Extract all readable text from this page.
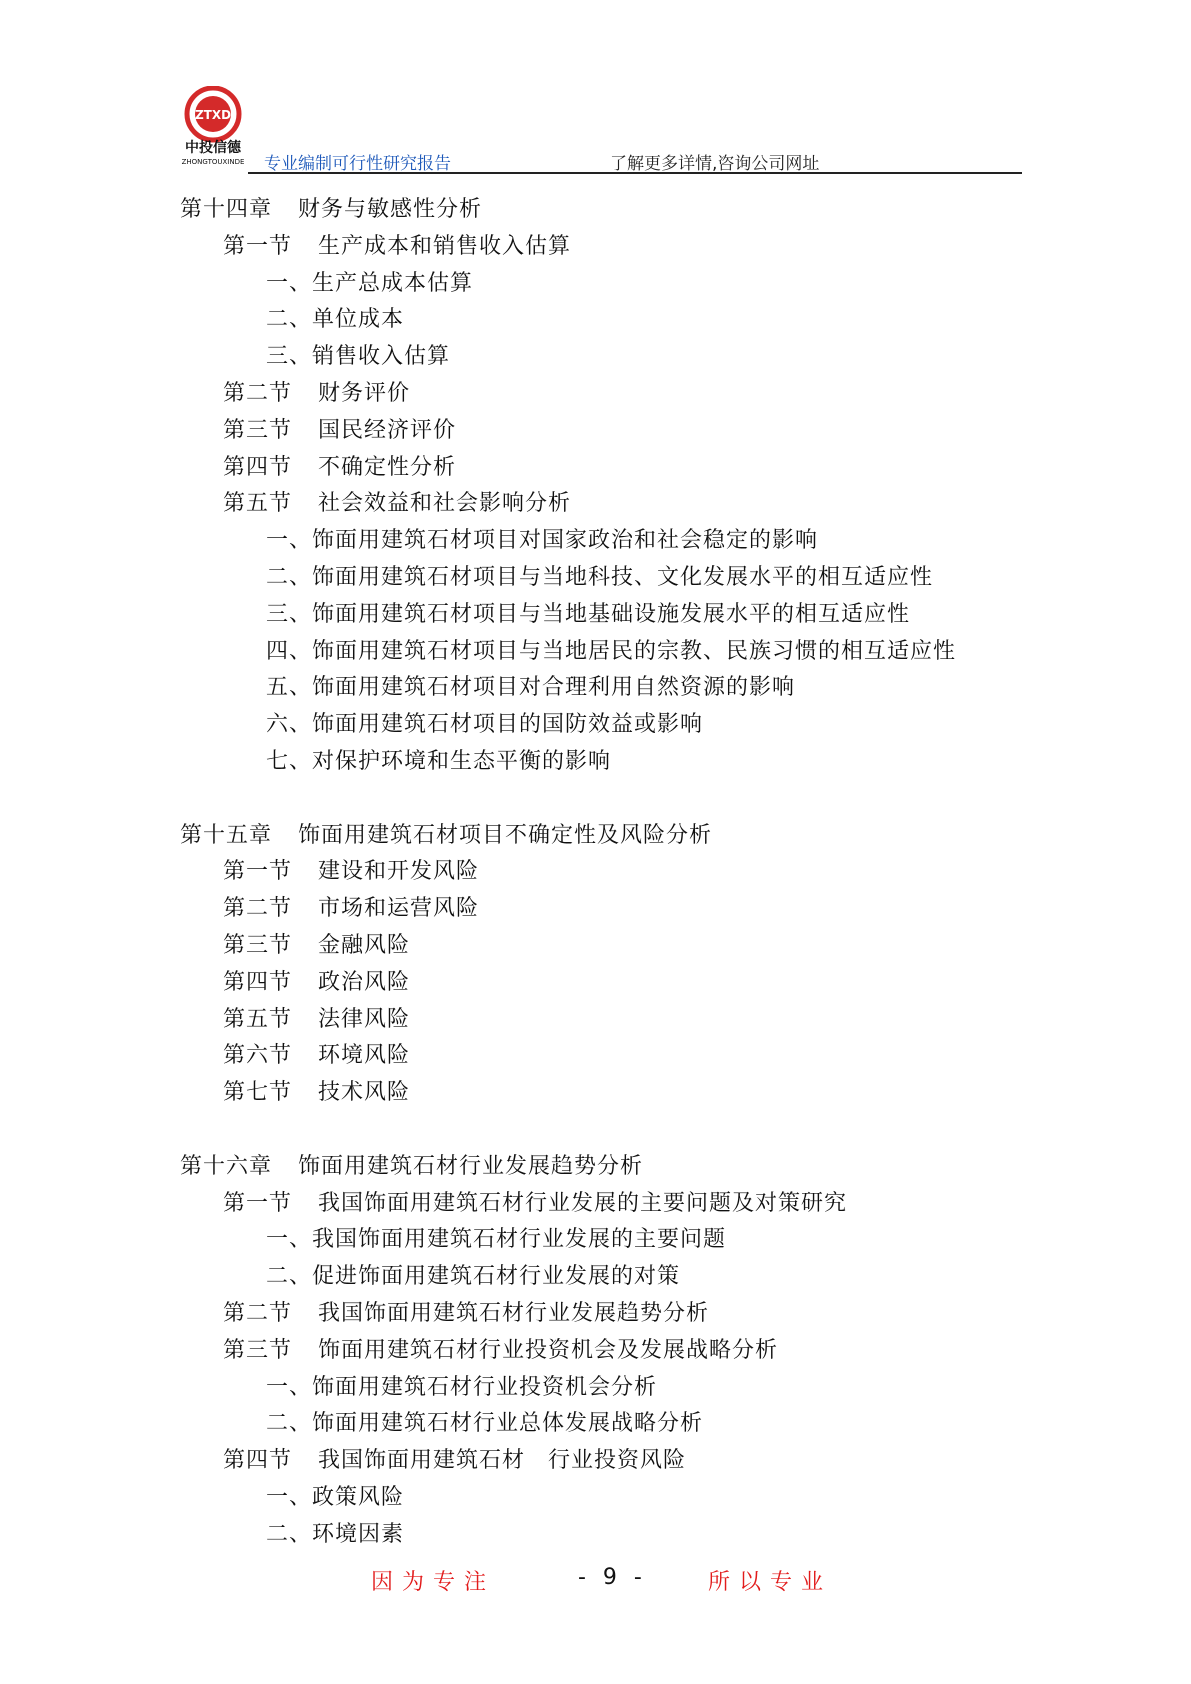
ZTXD
中投信德
ZHONGTOUXINDE 专业编制可行性研究报告	了解更多详情,咨询公司网址
第十四章 财务与敏感性分析
第一节 生产成本和销售收入估算
一、生产总成本估算
二、单位成本
三、销售收入估算
第二节 财务评价
第三节 国民经济评价
第四节 不确定性分析
第五节 社会效益和社会影响分析
一、饰面用建筑石材项目对国家政治和社会稳定的影响
二、饰面用建筑石材项目与当地科技、文化发展水平的相互适应性
三、饰面用建筑石材项目与当地基础设施发展水平的相互适应性
四、饰面用建筑石材项目与当地居民的宗教、民族习惯的相互适应性
五、饰面用建筑石材项目对合理利用自然资源的影响
六、饰面用建筑石材项目的国防效益或影响
七、对保护环境和生态平衡的影响
第十五章 饰面用建筑石材项目不确定性及风险分析
第一节 建设和开发风险
第二节 市场和运营风险
第三节 金融风险
第四节 政治风险
第五节 法律风险
第六节 环境风险
第七节 技术风险
第十六章 饰面用建筑石材行业发展趋势分析
第一节 我国饰面用建筑石材行业发展的主要问题及对策研究
一、我国饰面用建筑石材行业发展的主要问题
二、促进饰面用建筑石材行业发展的对策
第二节 我国饰面用建筑石材行业发展趋势分析
第三节 饰面用建筑石材行业投资机会及发展战略分析
一、饰面用建筑石材行业投资机会分析
二、饰面用建筑石材行业总体发展战略分析
第四节 我国饰面用建筑石材　行业投资风险
一、政策风险
二、环境因素
因为专注	- 9 -	所以专业
